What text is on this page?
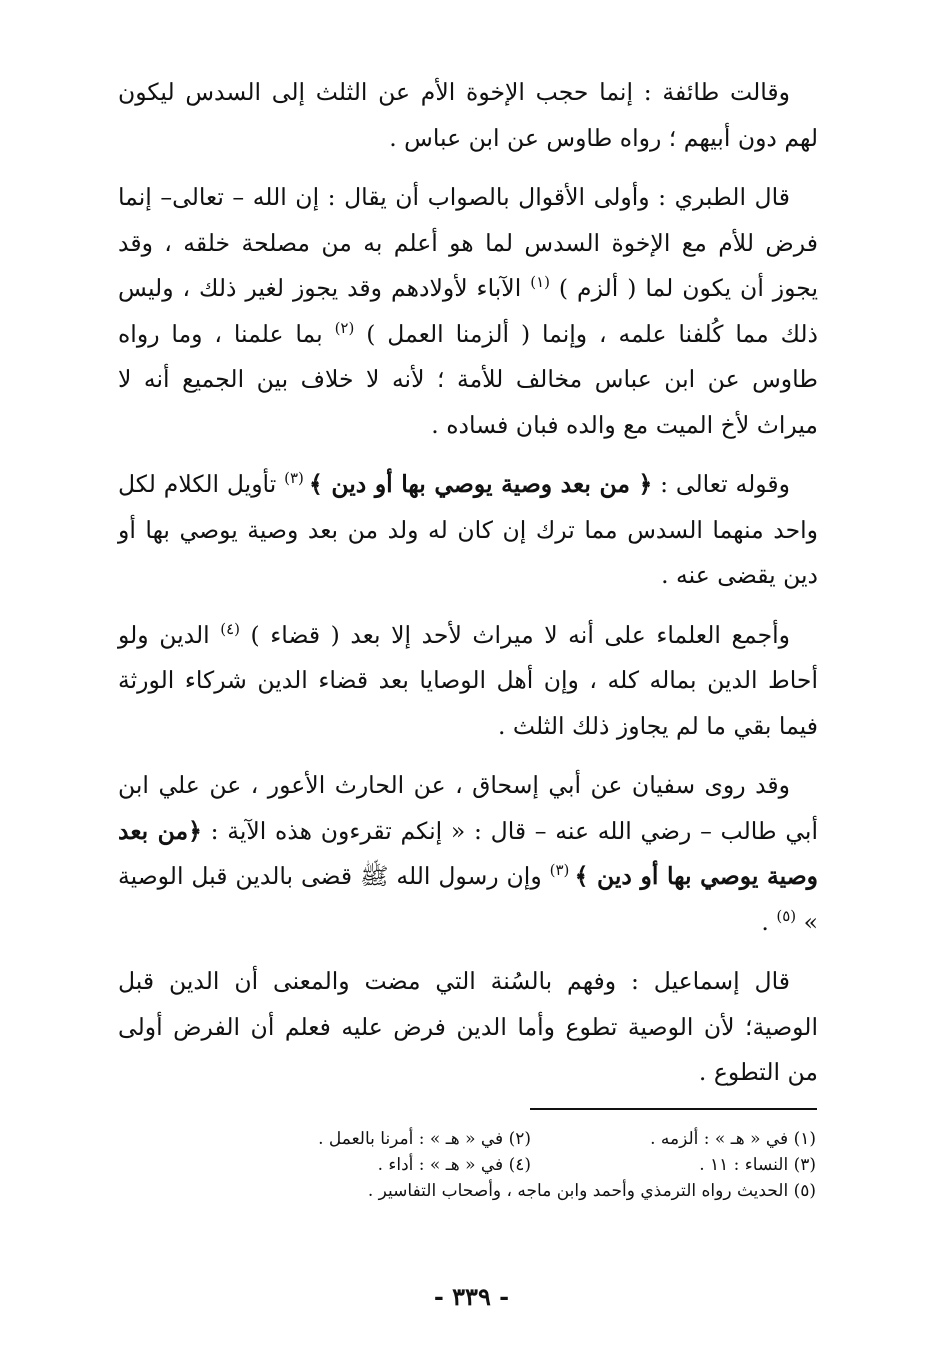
وقالت طائفة : إنما حجب الإخوة الأم عن الثلث إلى السدس ليكون لهم دون أبيهم ؛ رواه طاوس عن ابن عباس .

قال الطبري : وأولى الأقوال بالصواب أن يقال : إن الله – تعالى– إنما فرض للأم مع الإخوة السدس لما هو أعلم به من مصلحة خلقه ، وقد يجوز أن يكون لما ( ألزم ) $^{(١)}$ الآباء لأولادهم وقد يجوز لغير ذلك ، وليس ذلك مما كُلفنا علمه ، وإنما ( ألزمنا العمل ) $^{(٢)}$ بما علمنا ، وما رواه طاوس عن ابن عباس مخالف للأمة ؛ لأنه لا خلاف بين الجميع أنه لا ميراث لأخ الميت مع والده فبان فساده .

وقوله تعالى : ﴿ من بعد وصية يوصي بها أو دين ﴾ $^{(٣)}$ تأويل الكلام لكل واحد منهما السدس مما ترك إن كان له ولد من بعد وصية يوصي بها أو دين يقضى عنه .

وأجمع العلماء على أنه لا ميراث لأحد إلا بعد ( قضاء ) $^{(٤)}$ الدين ولو أحاط الدين بماله كله ، وإن أهل الوصايا بعد قضاء الدين شركاء الورثة فيما بقي ما لم يجاوز ذلك الثلث .

وقد روى سفيان عن أبي إسحاق ، عن الحارث الأعور ، عن علي ابن أبي طالب – رضي الله عنه – قال : « إنكم تقرءون هذه الآية : ﴿من بعد وصية يوصي بها أو دين ﴾ $^{(٣)}$ وإن رسول الله ﷺ قضى بالدين قبل الوصية » $^{(٥)}$ .

قال إسماعيل : وفهم بالسُنة التي مضت والمعنى أن الدين قبل الوصية؛ لأن الوصية تطوع وأما الدين فرض عليه فعلم أن الفرض أولى من التطوع .

(١) في « هـ » : ألزمه .
(٢) في « هـ » : أمرنا بالعمل .
(٣) النساء : ١١ .
(٤) في « هـ » : أداء .
(٥) الحديث رواه الترمذي وأحمد وابن ماجه ، وأصحاب التفاسير .
- ٣٣٩ -
